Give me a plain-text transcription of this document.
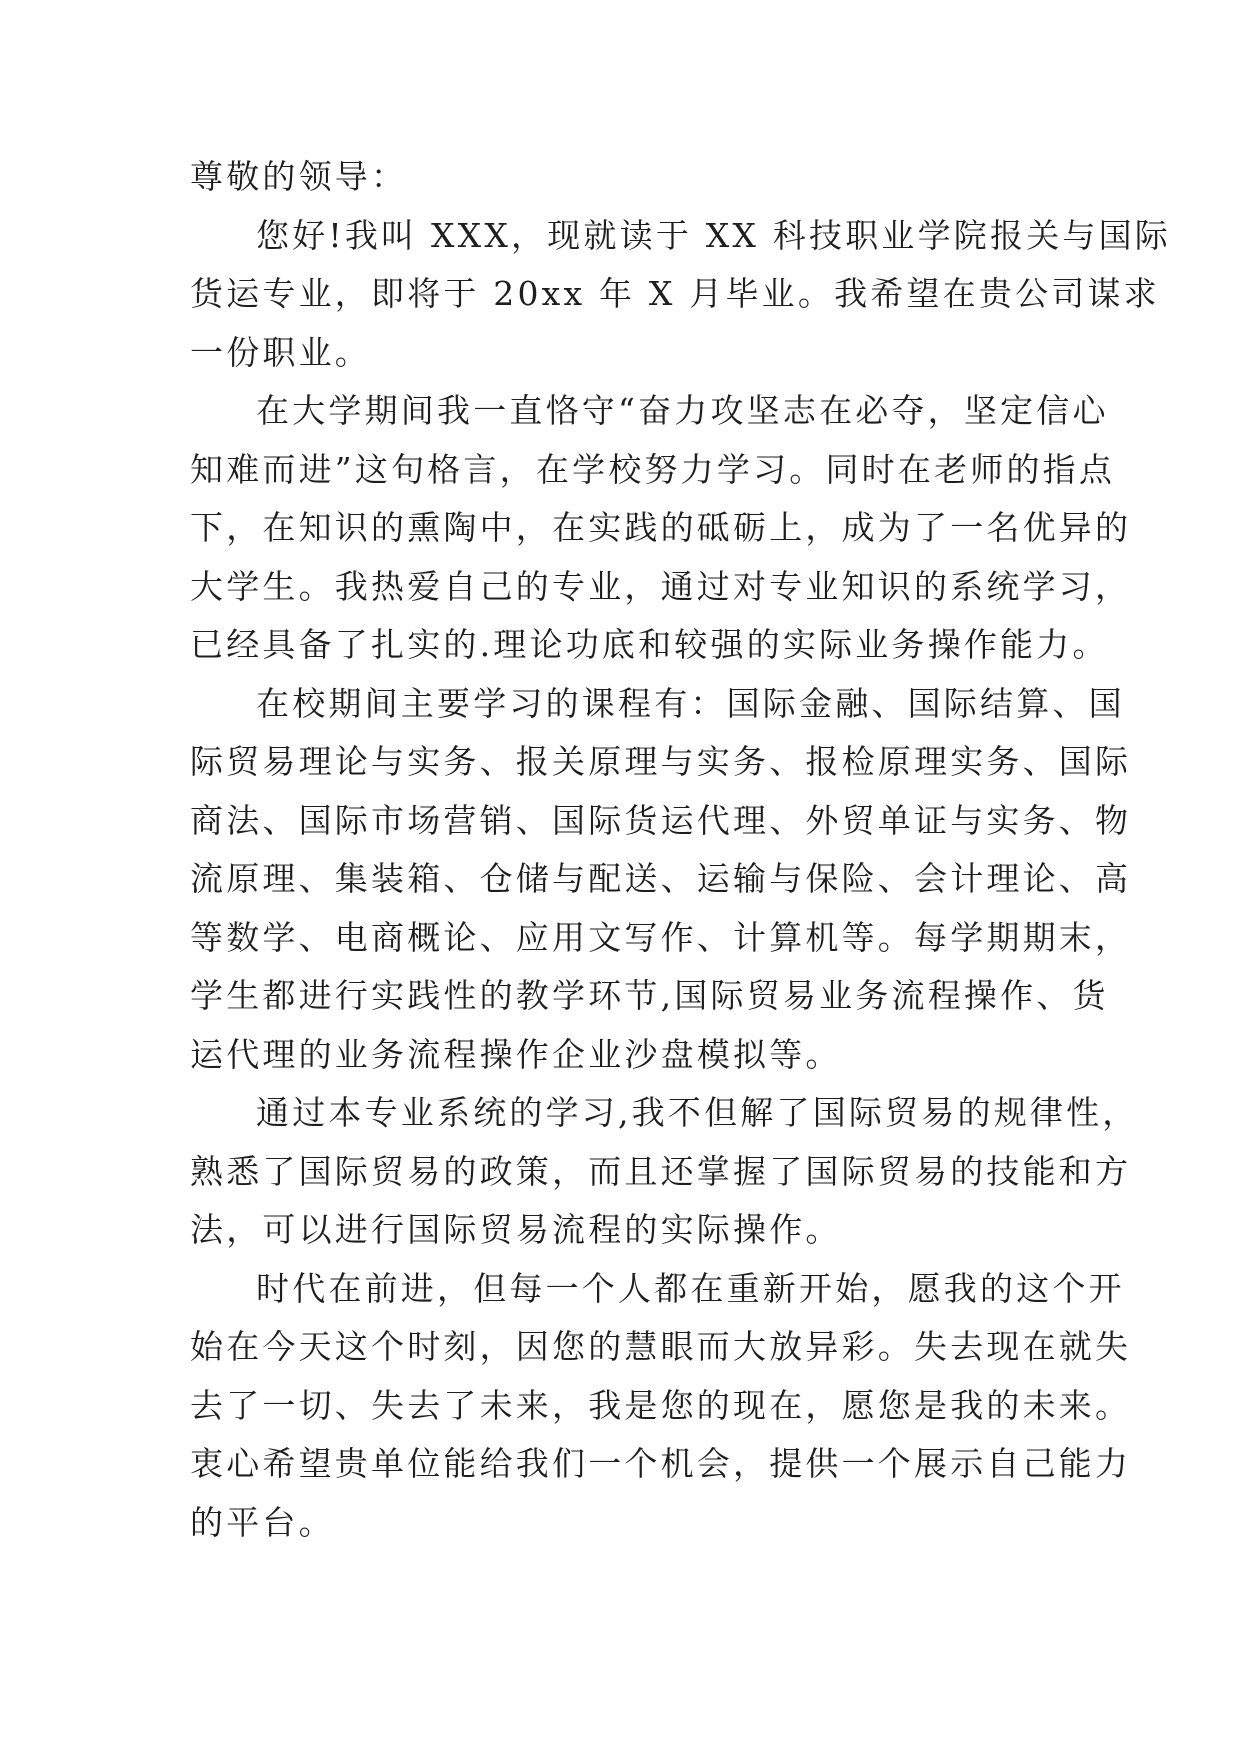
尊敬的领导：
您好!我叫 XXX，现就读于 XX 科技职业学院报关与国际
货运专业，即将于 20xx 年 X 月毕业。我希望在贵公司谋求
一份职业。
在大学期间我一直恪守“奋力攻坚志在必夺，坚定信心
知难而进”这句格言，在学校努力学习。同时在老师的指点
下，在知识的熏陶中，在实践的砥砺上，成为了一名优异的
大学生。我热爱自己的专业，通过对专业知识的系统学习，
已经具备了扎实的.理论功底和较强的实际业务操作能力。
在校期间主要学习的课程有：国际金融、国际结算、国
际贸易理论与实务、报关原理与实务、报检原理实务、国际
商法、国际市场营销、国际货运代理、外贸单证与实务、物
流原理、集装箱、仓储与配送、运输与保险、会计理论、高
等数学、电商概论、应用文写作、计算机等。每学期期末，
学生都进行实践性的教学环节,国际贸易业务流程操作、货
运代理的业务流程操作企业沙盘模拟等。
通过本专业系统的学习,我不但解了国际贸易的规律性，
熟悉了国际贸易的政策，而且还掌握了国际贸易的技能和方
法，可以进行国际贸易流程的实际操作。
时代在前进，但每一个人都在重新开始，愿我的这个开
始在今天这个时刻，因您的慧眼而大放异彩。失去现在就失
去了一切、失去了未来，我是您的现在，愿您是我的未来。
衷心希望贵单位能给我们一个机会，提供一个展示自己能力
的平台。
